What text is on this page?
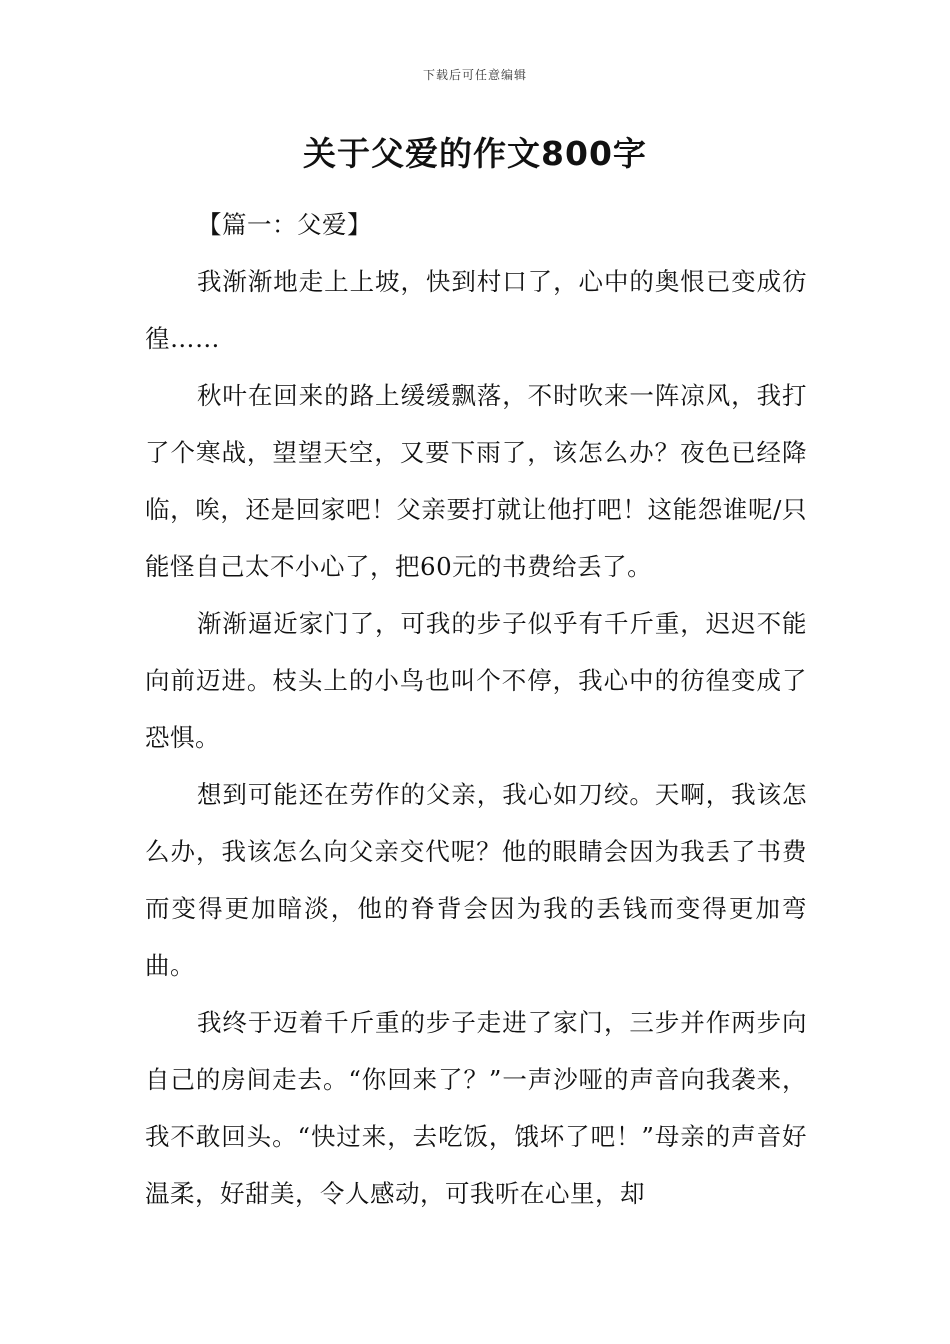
下载后可任意编辑
关于父爱的作文800字

【篇一：父爱】

我渐渐地走上上坡，快到村口了，心中的奥恨已变成彷徨……

秋叶在回来的路上缓缓飘落，不时吹来一阵凉风，我打了个寒战，望望天空，又要下雨了，该怎么办？夜色已经降临，唉，还是回家吧！父亲要打就让他打吧！这能怨谁呢/只能怪自己太不小心了，把60元的书费给丢了。

渐渐逼近家门了，可我的步子似乎有千斤重，迟迟不能向前迈进。枝头上的小鸟也叫个不停，我心中的彷徨变成了恐惧。

想到可能还在劳作的父亲，我心如刀绞。天啊，我该怎么办，我该怎么向父亲交代呢？他的眼睛会因为我丢了书费而变得更加暗淡，他的脊背会因为我的丢钱而变得更加弯曲。

我终于迈着千斤重的步子走进了家门，三步并作两步向自己的房间走去。“你回来了？”一声沙哑的声音向我袭来，我不敢回头。“快过来，去吃饭，饿坏了吧！”母亲的声音好温柔，好甜美，令人感动，可我听在心里，却
